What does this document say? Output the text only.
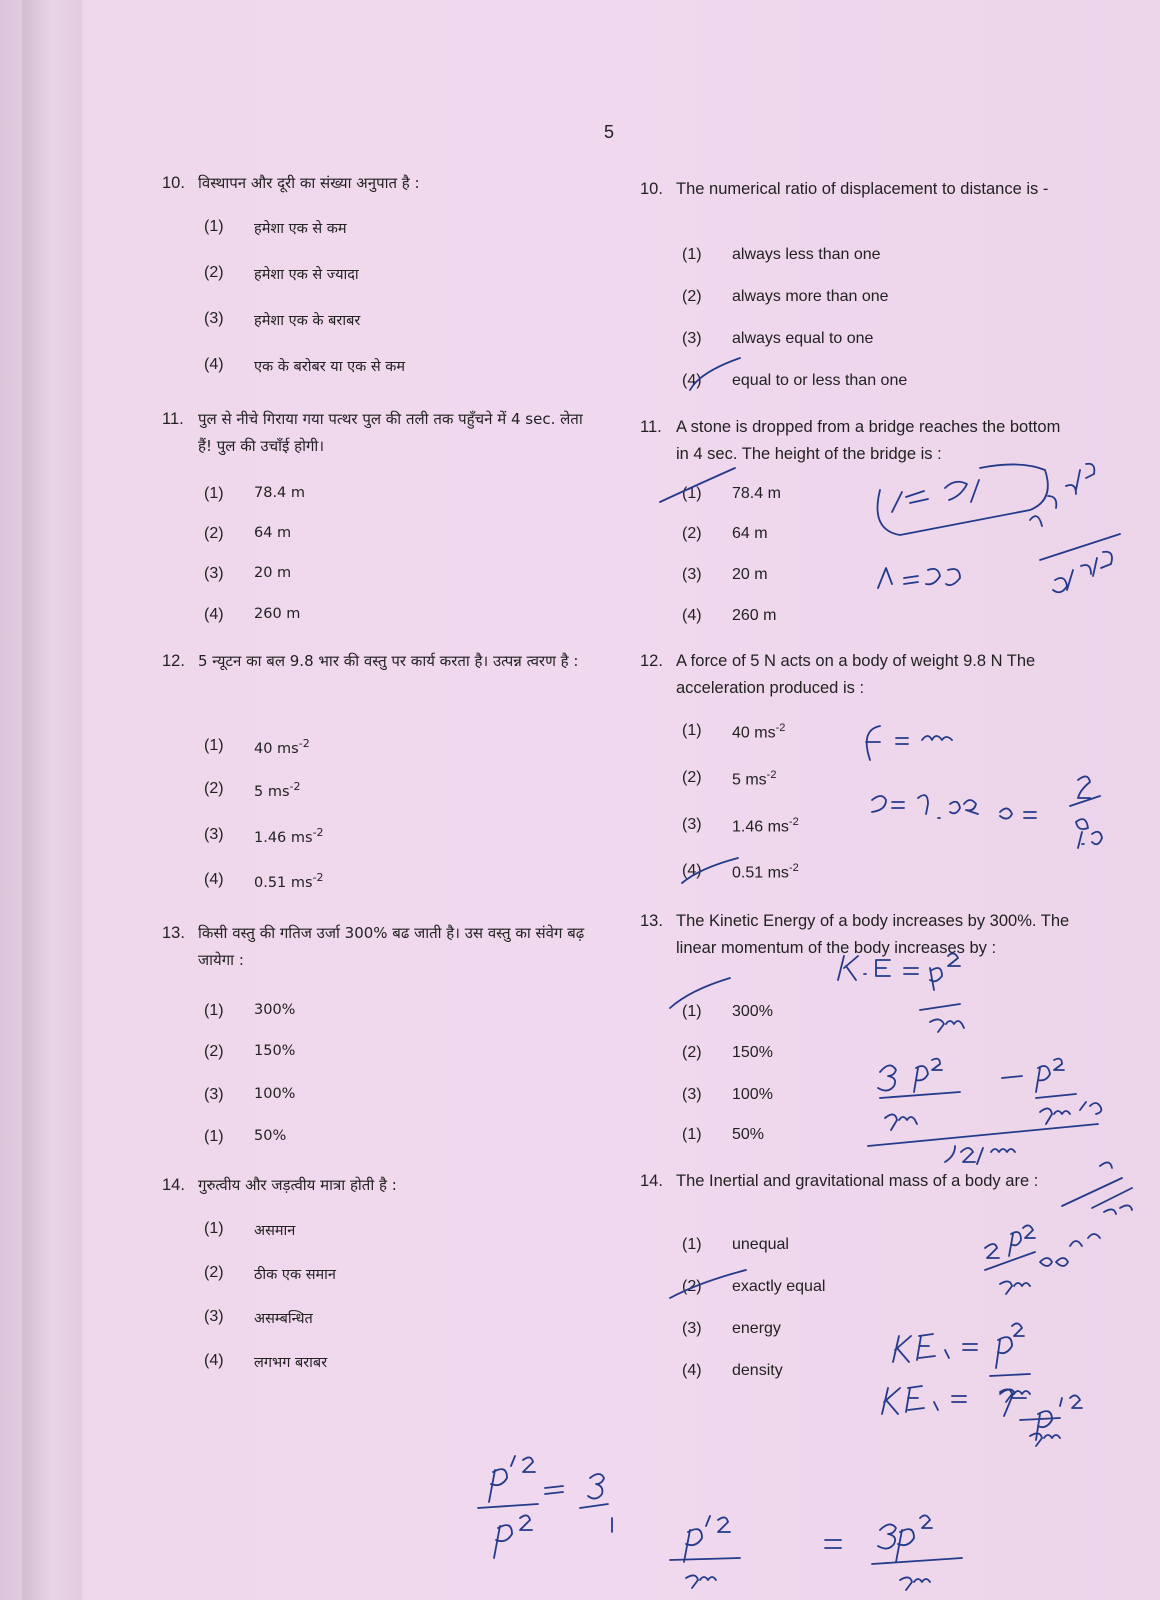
5
10. विस्थापन और दूरी का संख्या अनुपात है :
(1)	हमेशा एक से कम
(2)	हमेशा एक से ज्यादा
(3)	हमेशा एक के बराबर
(4)	एक के बरोबर या एक से कम
11. पुल से नीचे गिराया गया पत्थर पुल की तली तक पहुँचने में 4 sec. लेता हैं! पुल की उचाँई होगी।
(1)	78.4 m
(2)	64 m
(3)	20 m
(4)	260 m
12. 5 न्यूटन का बल 9.8 भार की वस्तु पर कार्य करता है। उत्पन्न त्वरण है :
(1)	40 $ms^{-2}$
(2)	5 $ms^{-2}$
(3)	1.46 $ms^{-2}$
(4)	0.51 $ms^{-2}$
13. किसी वस्तु की गतिज उर्जा 300% बढ जाती है। उस वस्तु का संवेग बढ़ जायेगा :
(1)	300%
(2)	150%
(3)	100%
(1)	50%
14. गुरुत्वीय और जड़त्वीय मात्रा होती है :
(1)	असमान
(2)	ठीक एक समान
(3)	असम्बन्धित
(4)	लगभग बराबर
10. The numerical ratio of displacement to distance is -
(1)	always less than one
(2)	always more than one
(3)	always equal to one
(4)	equal to or less than one
11. A stone is dropped from a bridge reaches the bottom in 4 sec. The height of the bridge is :
(1)	78.4 m
(2)	64 m
(3)	20 m
(4)	260 m
12. A force of 5 N acts on a body of weight 9.8 N The acceleration produced is :
(1)	40 $ms^{-2}$
(2)	5 $ms^{-2}$
(3)	1.46 $ms^{-2}$
(4)	0.51 $ms^{-2}$
13. The Kinetic Energy of a body increases by 300%. The linear momentum of the body increases by :
(1)	300%
(2)	150%
(3)	100%
(1)	50%
14. The Inertial and gravitational mass of a body are :
(1)	unequal
(2)	exactly equal
(3)	energy
(4)	density
